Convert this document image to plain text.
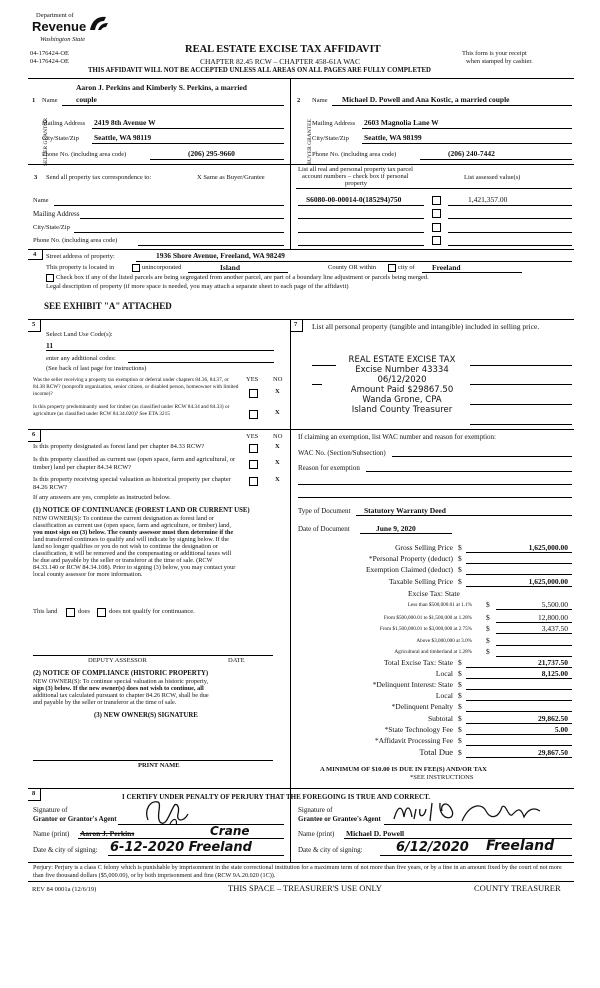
Department of
Revenue
Washington State
04-176424-OE
04-176424-OE
REAL ESTATE EXCISE TAX AFFIDAVIT
CHAPTER 82.45 RCW – CHAPTER 458-61A WAC
This form is your receipt
when stamped by cashier.
THIS AFFIDAVIT WILL NOT BE ACCEPTED UNLESS ALL AREAS ON ALL PAGES ARE FULLY COMPLETED
1
SELLER GRANTOR
Aaron J. Perkins and Kimberly S. Perkins, a married
Name couple
Mailing Address 2419 8th Avenue W
City/State/Zip Seattle, WA 98119
Phone No. (including area code)	(206) 295-9660
2
BUYER GRANTEE
Name Michael D. Powell and Ana Kostic, a married couple
Mailing Address 2603 Magnolia Lane W
City/State/Zip Seattle, WA 98199
Phone No. (including area code)	(206) 240-7442
3 Send all property tax correspondence to:	X Same as Buyer/Grantee
List all real and personal property tax parcel
account numbers – check box if personal
property
List assessed value(s)
Name
Mailing Address
City/State/Zip
Phone No. (including area code)
S6080-00-00014-0(185294)750	1,421,357.00
4 Street address of property:	1936 Shore Avenue, Freeland, WA 98249
This property is located in	unincorporated	Island	County OR within	city of Freeland
Check box if any of the listed parcels are being segregated from another parcel, are part of a boundary line adjustment or parcels being merged.
Legal description of property (if more space is needed, you may attach a separate sheet to each page of the affidavit)
SEE EXHIBIT "A" ATTACHED
5
Select Land Use Code(s):
11
enter any additional codes:
(See back of last page for instructions)
YES NO
Was the seller receiving a property tax exemption or deferral under chapters 84.36, 84.37, or 84.38 RCW? (nonprofit organization, senior citizen, or disabled person, homeowner with limited income)?	X
Is this property predominantly used for timber (as classified under RCW 84.34 and 84.33) or agriculture (as classified under RCW 84.34.020)? See ETA 3215	X
7 List all personal property (tangible and intangible) included in selling price.
REAL ESTATE EXCISE TAX
Excise Number 43334
06/12/2020
Amount Paid $29867.50
Wanda Grone, CPA
Island County Treasurer
6	YES NO
Is this property designated as forest land per chapter 84.33 RCW?	X
Is this property classified as current use (open space, farm and agricultural, or timber) land per chapter 84.34 RCW?
X
Is this property receiving special valuation as historical property per chapter 84.26 RCW?
X
If any answers are yes, complete as instructed below.
(1) NOTICE OF CONTINUANCE (FOREST LAND OR CURRENT USE)
NEW OWNER(S): To continue the current designation as forest land or
classification as current use (open space, farm and agriculture, or timber) land,
you must sign on (3) below. The county assessor must then determine if the
land transferred continues to qualify and will indicate by signing below. If the
land no longer qualifies or you do not wish to continue the designation or
classification, it will be removed and the compensating or additional taxes will
be due and payable by the seller or transferor at the time of sale. (RCW
84.33.140 or RCW 84.34.108). Prior to signing (3) below, you may contact your
local county assessor for more information.
This land	does	does not qualify for continuance.
DEPUTY ASSESSOR	DATE
(2) NOTICE OF COMPLIANCE (HISTORIC PROPERTY)
NEW OWNER(S): To continue special valuation as historic property,
sign (3) below. If the new owner(s) does not wish to continue, all
additional tax calculated pursuant to chapter 84.26 RCW, shall be due
and payable by the seller or transferor at the time of sale.
(3) NEW OWNER(S) SIGNATURE
PRINT NAME
If claiming an exemption, list WAC number and reason for exemption:
WAC No. (Section/Subsection)
Reason for exemption
Type of Document Statutory Warranty Deed
Date of Document	June 9, 2020
Gross Selling Price $	1,625,000.00
*Personal Property (deduct) $
Exemption Claimed (deduct) $
Taxable Selling Price $	1,625,000.00
Excise Tax: State
Less than $500,000.01 at 1.1% $	5,500.00
From $500,000.01 to $1,500,000 at 1.28% $	12,800.00
From $1,500,000.01 to $3,000,000 at 2.75% $	3,437.50
Above $3,000,000 at 3.0% $
Agricultural and timberland at 1.28% $
Total Excise Tax: State $	21,737.50
Local $	8,125.00
*Delinquent Interest: State $
Local $
*Delinquent Penalty $
Subtotal $	29,862.50
*State Technology Fee $	5.00
*Affidavit Processing Fee $
Total Due $	29,867.50
A MINIMUM OF $10.00 IS DUE IN FEE(S) AND/OR TAX
*SEE INSTRUCTIONS
8	I CERTIFY UNDER PENALTY OF PERJURY THAT THE FOREGOING IS TRUE AND CORRECT.
Signature of
Grantor or Grantor's Agent
Name (print) Aaron J. Perkins	Crane
Date & city of signing: 6-12-2020 Freeland
Signature of
Grantee or Grantee's Agent
Name (print) Michael D. Powell
Date & city of signing:	6/12/2020 Freeland
Perjury: Perjury is a class C felony which is punishable by imprisonment in the state correctional institution for a maximum term of not more than five years, or by a fine in an amount fixed by the court of not more than five thousand dollars ($5,000.00), or by both imprisonment and fine (RCW 9A.20.020 (1C)).
REV 84 0001a (12/6/19)	THIS SPACE – TREASURER'S USE ONLY	COUNTY TREASURER
